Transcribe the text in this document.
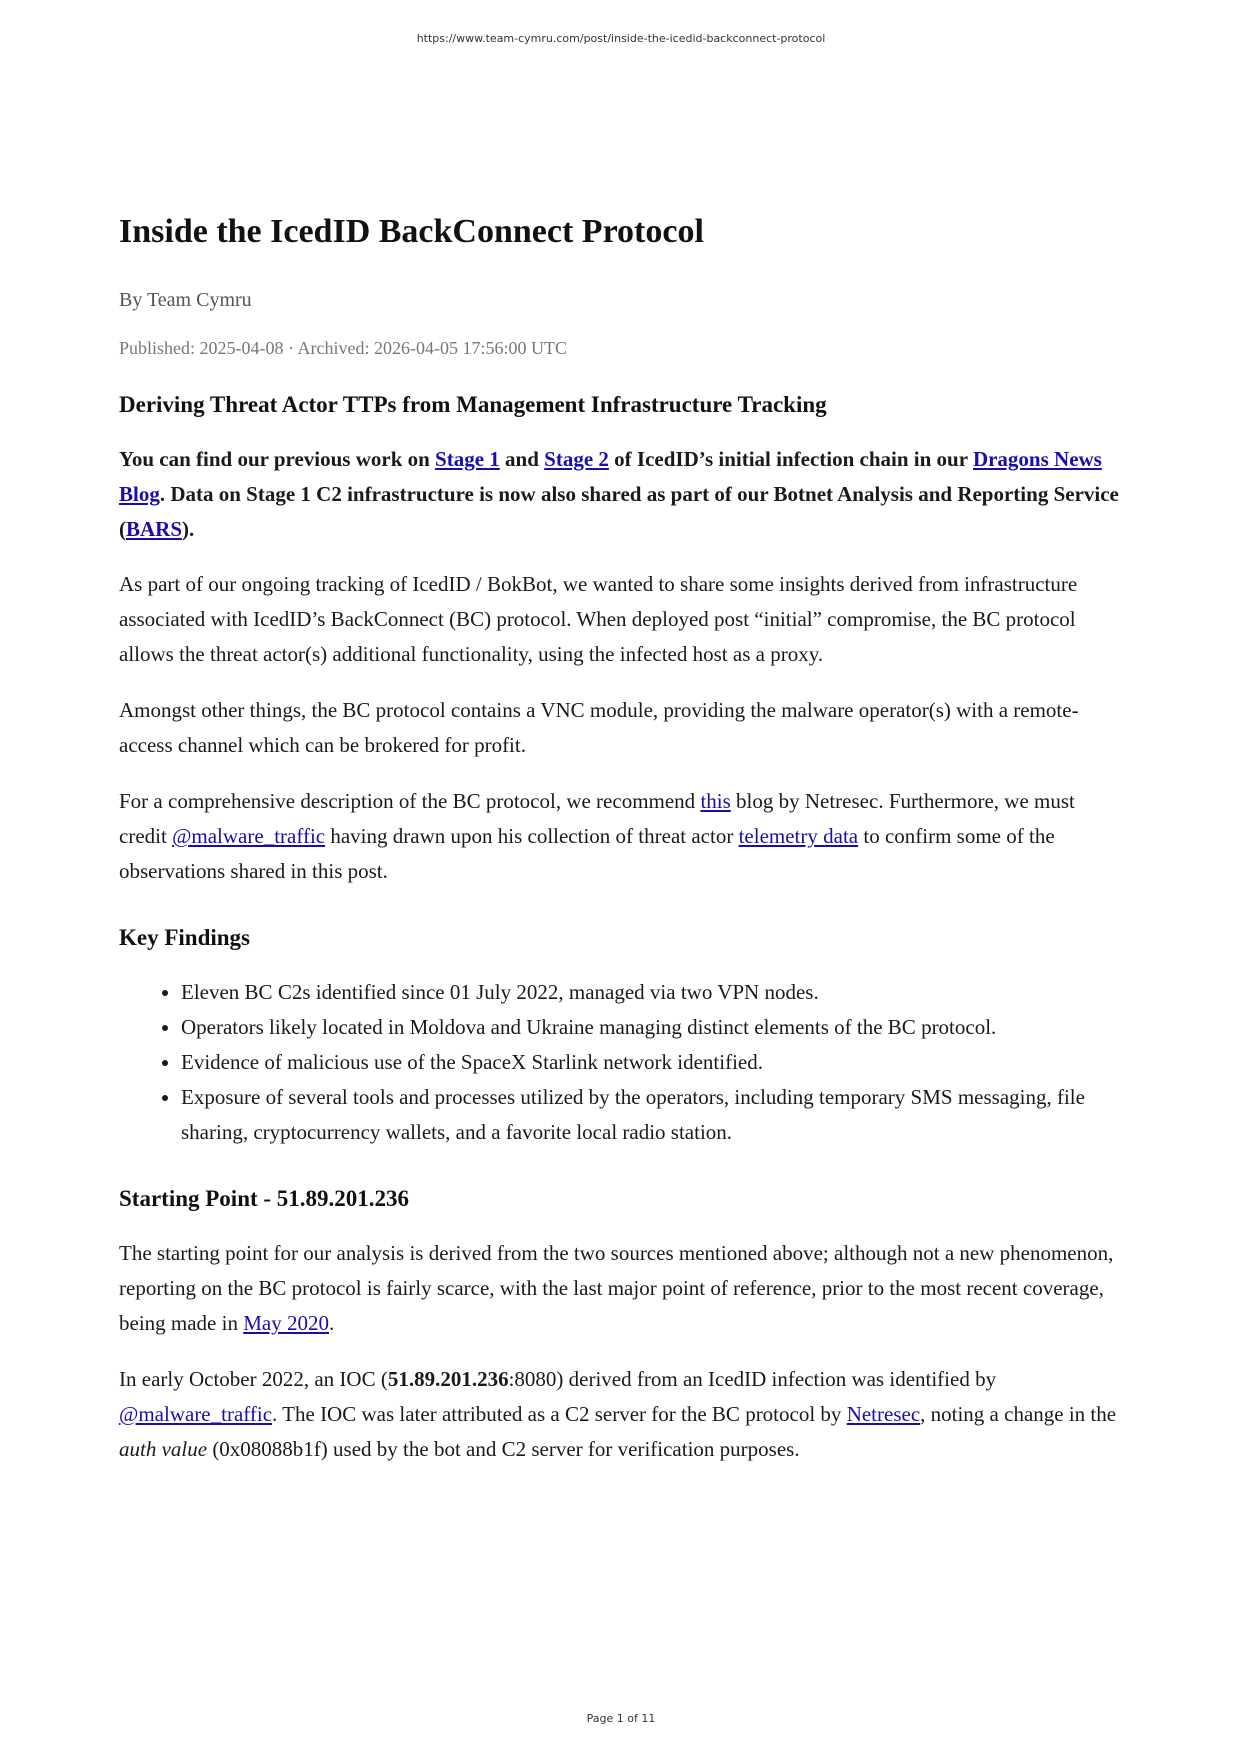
https://www.team-cymru.com/post/inside-the-icedid-backconnect-protocol
Inside the IcedID BackConnect Protocol
By Team Cymru
Published: 2025-04-08 · Archived: 2026-04-05 17:56:00 UTC
Deriving Threat Actor TTPs from Management Infrastructure Tracking

You can find our previous work on Stage 1 and Stage 2 of IcedID’s initial infection chain in our Dragons News Blog. Data on Stage 1 C2 infrastructure is now also shared as part of our Botnet Analysis and Reporting Service (BARS).

As part of our ongoing tracking of IcedID / BokBot, we wanted to share some insights derived from infrastructure associated with IcedID’s BackConnect (BC) protocol. When deployed post “initial” compromise, the BC protocol allows the threat actor(s) additional functionality, using the infected host as a proxy.

Amongst other things, the BC protocol contains a VNC module, providing the malware operator(s) with a remote-access channel which can be brokered for profit.

For a comprehensive description of the BC protocol, we recommend this blog by Netresec. Furthermore, we must credit @malware_traffic having drawn upon his collection of threat actor telemetry data to confirm some of the observations shared in this post.

Key Findings
• Eleven BC C2s identified since 01 July 2022, managed via two VPN nodes.
• Operators likely located in Moldova and Ukraine managing distinct elements of the BC protocol.
• Evidence of malicious use of the SpaceX Starlink network identified.
• Exposure of several tools and processes utilized by the operators, including temporary SMS messaging, file sharing, cryptocurrency wallets, and a favorite local radio station.
Starting Point - 51.89.201.236

The starting point for our analysis is derived from the two sources mentioned above; although not a new phenomenon, reporting on the BC protocol is fairly scarce, with the last major point of reference, prior to the most recent coverage, being made in May 2020.

In early October 2022, an IOC (51.89.201.236:8080) derived from an IcedID infection was identified by @malware_traffic. The IOC was later attributed as a C2 server for the BC protocol by Netresec, noting a change in the auth value (0x08088b1f) used by the bot and C2 server for verification purposes.

Page 1 of 11
